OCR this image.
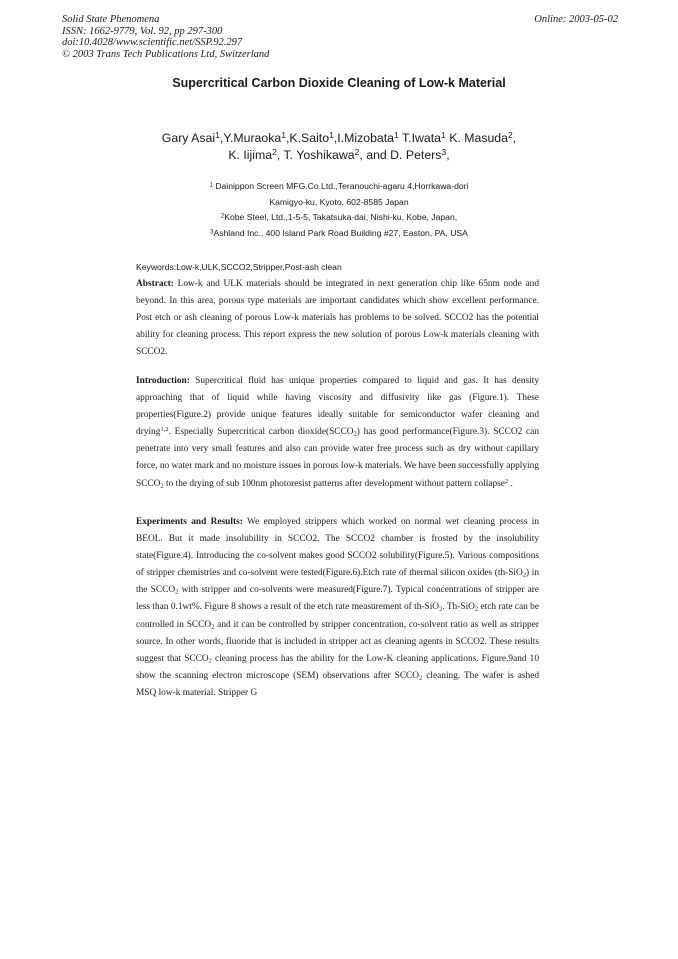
Solid State Phenomena
ISSN: 1662-9779, Vol. 92, pp 297-300
doi:10.4028/www.scientific.net/SSP.92.297
© 2003 Trans Tech Publications Ltd, Switzerland
Online: 2003-05-02
Supercritical Carbon Dioxide Cleaning of Low-k Material
Gary Asai$^1$,Y.Muraoka$^1$,K.Saito$^1$,I.Mizobata$^1$ T.Iwata$^1$ K. Masuda$^2$,
K. Iijima$^2$, T. Yoshikawa$^2$, and D. Peters$^3$,
$^1$ Dainippon Screen MFG.Co.Ltd.,Teranouchi-agaru 4,Horrkawa-dori
Kamigyo-ku, Kyoto, 602-8585 Japan
$^2$Kobe Steel, Ltd.,1-5-5, Takatsuka-dai, Nishi-ku, Kobe, Japan,
$^3$Ashland Inc., 400 Island Park Road Building #27, Easton, PA, USA
Keywords:Low-k,ULK,SCCO2,Stripper,Post-ash clean
Abstract: Low-k and ULK materials should be integrated in next generation chip like 65nm node and beyond. In this area, porous type materials are important candidates which show excellent performance. Post etch or ash cleaning of porous Low-k materials has problems to be solved. SCCO2 has the potential ability for cleaning process. This report express the new solution of porous Low-k materials cleaning with SCCO2.
Introduction: Supercritical fluid has unique properties compared to liquid and gas. It has density approaching that of liquid while having viscosity and diffusivity like gas (Figure.1). These properties(Figure.2) provide unique features ideally suitable for semiconductor wafer cleaning and drying$^{1,2}$. Especially Supercritical carbon $dioxide(SCCO_2)$ has good performance(Figure.3). SCCO2 can penetrate into very small features and also can provide water free process such as dry without capillary force, no water mark and no moisture issues in porous low-k materials. We have been successfully applying $SCCO_2$ to the drying of sub 100nm photoresist patterns after development without pattern collapse$^2$ .
Experiments and Results: We employed strippers which worked on normal wet cleaning process in BEOL. But it made insolubility in SCCO2. The SCCO2 chamber is frosted by the insolubility state(Figure.4). Introducing the co-solvent makes good SCCO2 solubility(Figure.5). Various compositions of stripper chemistries and co-solvent were tested(Figure.6).Etch rate of thermal silicon oxides (th-SiO$_2$) in the $SCCO_2$ with stripper and co-solvents were measured(Figure.7). Typical concentrations of stripper are less than 0.1wt%. Figure 8 shows a result of the etch rate measurement of th-SiO$_2$. Th-SiO$_2$ etch rate can be controlled in $SCCO_2$ and it can be controlled by stripper concentration, co-solvent ratio as well as stripper source. In other words, fluoride that is included in stripper act as cleaning agents in SCCO2. These results suggest that $SCCO_2$ cleaning process has the ability for the Low-K cleaning applications. Figure.9and 10 show the scanning electron microscope (SEM) observations after $SCCO_2$ cleaning. The wafer is ashed MSQ low-k material. Stripper G
